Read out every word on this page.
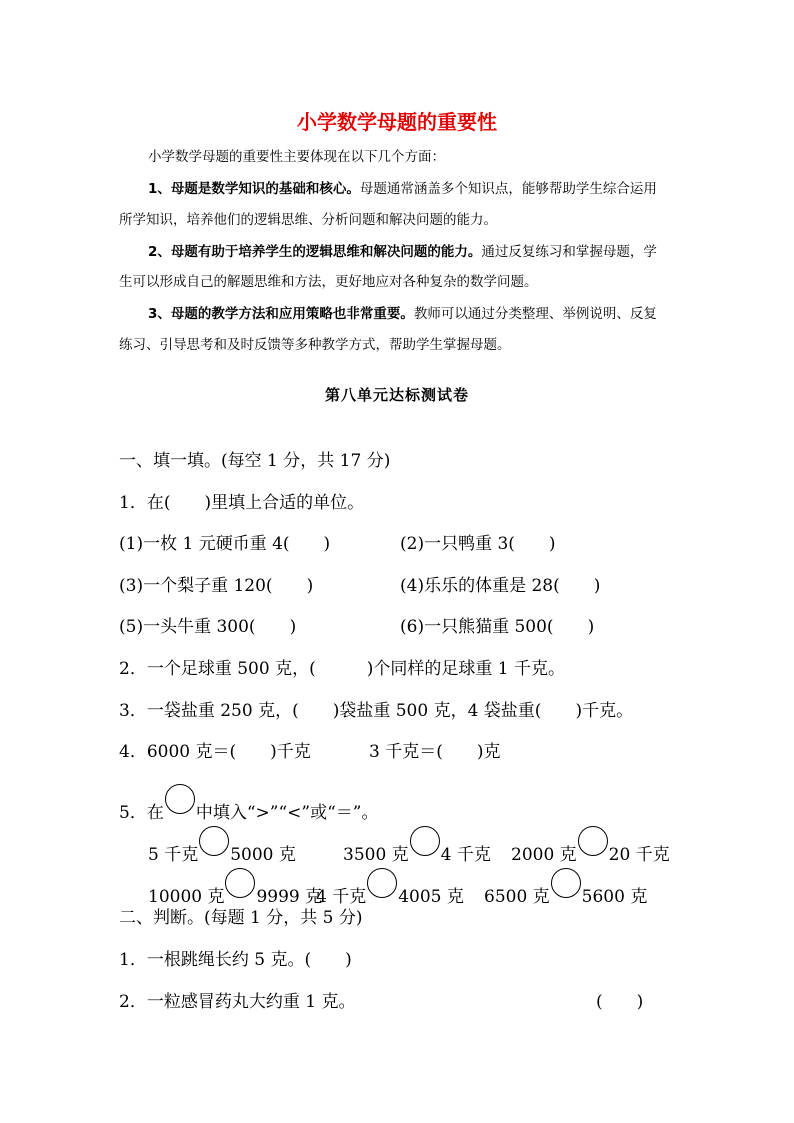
小学数学母题的重要性
小学数学母题的重要性主要体现在以下几个方面：
1、母题是数学知识的基础和核心。母题通常涵盖多个知识点，能够帮助学生综合运用
所学知识，培养他们的逻辑思维、分析问题和解决问题的能力。
2、母题有助于培养学生的逻辑思维和解决问题的能力。通过反复练习和掌握母题，学
生可以形成自己的解题思维和方法，更好地应对各种复杂的数学问题。
3、母题的教学方法和应用策略也非常重要。教师可以通过分类整理、举例说明、反复
练习、引导思考和及时反馈等多种教学方式，帮助学生掌握母题。
第八单元达标测试卷
一、填一填。(每空 1 分，共 17 分)
1．在(　　)里填上合适的单位。
(1)一枚 1 元硬币重 4(　　)	(2)一只鸭重 3(　　)
(3)一个梨子重 120(　　)	(4)乐乐的体重是 28(　　)
(5)一头牛重 300(　　)	(6)一只熊猫重 500(　　)
2．一个足球重 500 克，(　　　)个同样的足球重 1 千克。
3．一袋盐重 250 克，(　　)袋盐重 500 克，4 袋盐重(　　)千克。
4．6000 克＝(　　)千克	3 千克＝(　　)克
5．在 中填入“>”“<”或“＝”。
5 千克 5000 克	3500 克 4 千克 2000 克 20 千克
10000 克 9999 克
4 千克 4005 克 6500 克 5600 克
二、判断。(每题 1 分，共 5 分)
1．一根跳绳长约 5 克。(　　)
2．一粒感冒药丸大约重 1 克。	(　　)
